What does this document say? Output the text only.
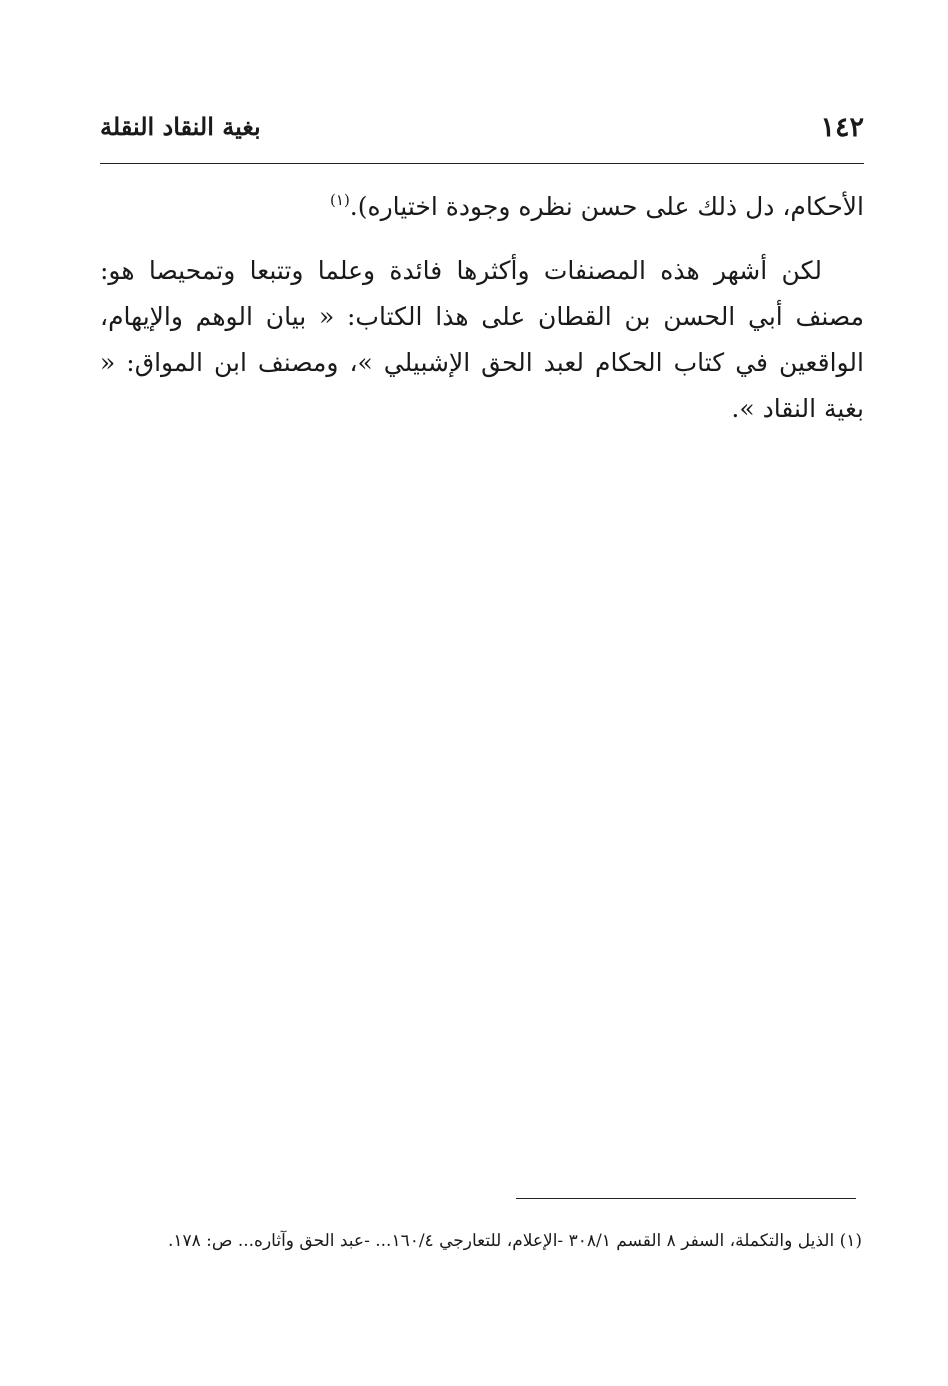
١٤٢
بغية النقاد النقلة

الأحكام، دل ذلك على حسن نظره وجودة اختياره).$^{(١)}$

لكن أشهر هذه المصنفات وأكثرها فائدة وعلما وتتبعا وتمحيصا هو: مصنف أبي الحسن بن القطان على هذا الكتاب: « بيان الوهم والإيهام، الواقعين في كتاب الحكام لعبد الحق الإشبيلي »، ومصنف ابن المواق: « بغية النقاد ».

(١) الذيل والتكملة، السفر ٨ القسم ٣٠٨/١ -الإعلام، للتعارجي ١٦٠/٤... -عبد الحق وآثاره... ص: ١٧٨.
